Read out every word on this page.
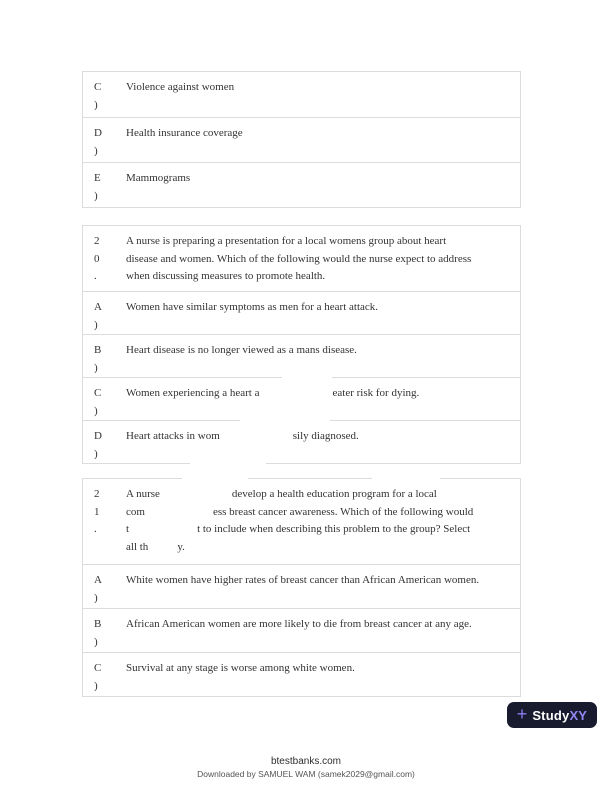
C
)
Violence against women
D
)
Health insurance coverage
E
)
Mammograms
2
0
.
A nurse is preparing a presentation for a local womens group about heart
disease and women. Which of the following would the nurse expect to address
when discussing measures to promote health.
A
)
Women have similar symptoms as men for a heart attack.
B
)
Heart disease is no longer viewed as a mans disease.
C
)
Women experiencing a heart a	eater risk for dying.
D
)
Heart attacks in wom	sily diagnosed.
2
1
.
A nurse	develop a health education program for a local
com	ess breast cancer awareness. Which of the following would
t	t to include when describing this problem to the group? Select
all th	y.
A
)
White women have higher rates of breast cancer than African American women.
B
)
African American women are more likely to die from breast cancer at any age.
C
)
Survival at any stage is worse among white women.
+ StudyXY
btestbanks.com
Downloaded by SAMUEL WAM (samek2029@gmail.com)
